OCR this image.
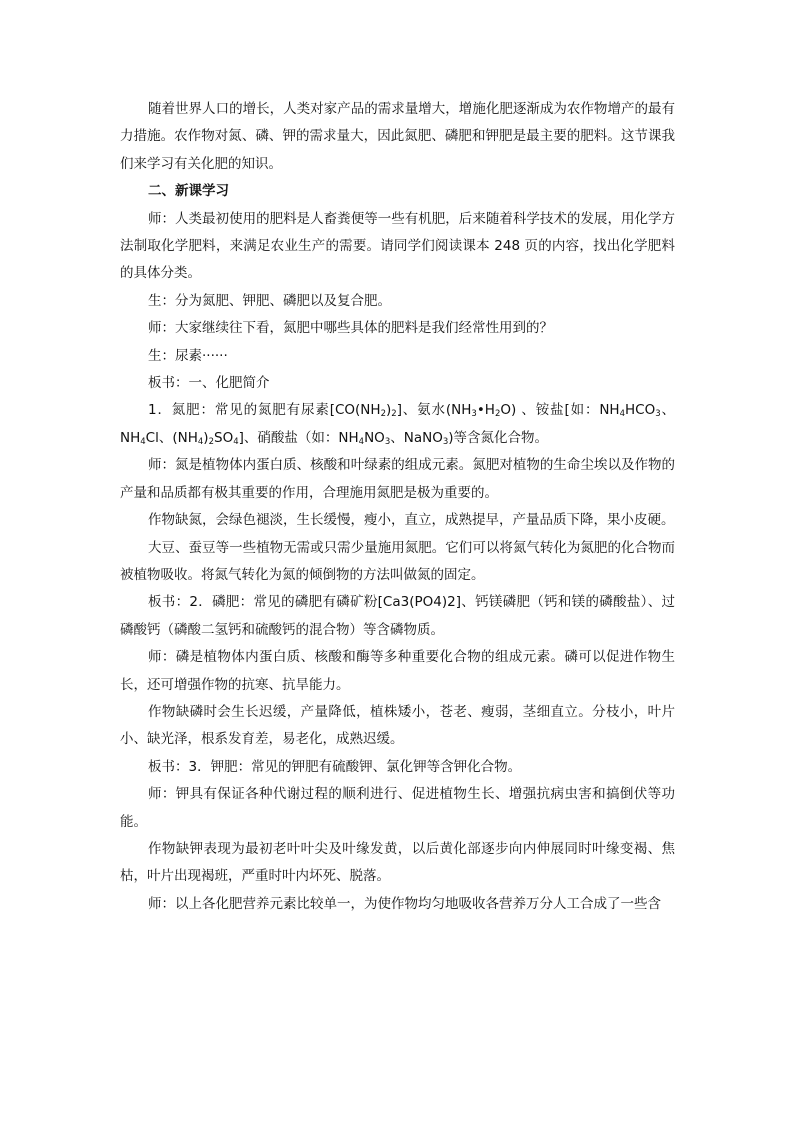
随着世界人口的增长，人类对家产品的需求量增大，增施化肥逐渐成为农作物增产的最有力措施。农作物对氮、磷、钾的需求量大，因此氮肥、磷肥和钾肥是最主要的肥料。这节课我们来学习有关化肥的知识。

二、新课学习

师：人类最初使用的肥料是人畜粪便等一些有机肥，后来随着科学技术的发展，用化学方法制取化学肥料，来满足农业生产的需要。请同学们阅读课本 248 页的内容，找出化学肥料的具体分类。

生：分为氮肥、钾肥、磷肥以及复合肥。

师：大家继续往下看，氮肥中哪些具体的肥料是我们经常性用到的？

生：尿素······

板书：一、化肥简介

1．氮肥：常见的氮肥有尿素$[CO(NH_2)_2]$、氨水$(NH_3•H_2O)$ 、铵盐[如：$NH_4HCO_3$、$NH_4Cl$、$(NH_4)_2SO_4$]、硝酸盐（如：$NH_4NO_3$、NaNO$_3$)等含氮化合物。

师：氮是植物体内蛋白质、核酸和叶绿素的组成元素。氮肥对植物的生命尘埃以及作物的产量和品质都有极其重要的作用，合理施用氮肥是极为重要的。

作物缺氮，会绿色褪淡，生长缓慢，瘦小，直立，成熟提早，产量品质下降，果小皮硬。

大豆、蚕豆等一些植物无需或只需少量施用氮肥。它们可以将氮气转化为氮肥的化合物而被植物吸收。将氮气转化为氮的倾倒物的方法叫做氮的固定。

板书：2．磷肥：常见的磷肥有磷矿粉[Ca3(PO4)2]、钙镁磷肥（钙和镁的磷酸盐）、过磷酸钙（磷酸二氢钙和硫酸钙的混合物）等含磷物质。

师：磷是植物体内蛋白质、核酸和酶等多种重要化合物的组成元素。磷可以促进作物生长，还可增强作物的抗寒、抗旱能力。

作物缺磷时会生长迟缓，产量降低，植株矮小，苍老、瘦弱，茎细直立。分枝小，叶片小、缺光泽，根系发育差，易老化，成熟迟缓。

板书：3．钾肥：常见的钾肥有硫酸钾、氯化钾等含钾化合物。

师：钾具有保证各种代谢过程的顺利进行、促进植物生长、增强抗病虫害和搞倒伏等功能。

作物缺钾表现为最初老叶叶尖及叶缘发黄，以后黄化部逐步向内伸展同时叶缘变褐、焦枯，叶片出现褐班，严重时叶内坏死、脱落。

师：以上各化肥营养元素比较单一，为使作物均匀地吸收各营养万分人工合成了一些含
